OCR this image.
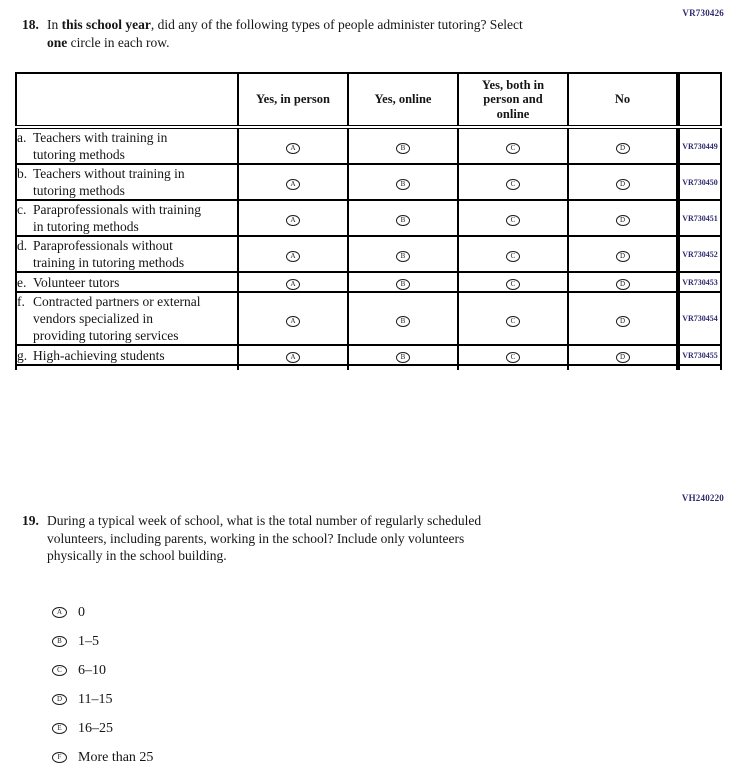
VR730426
18. In this school year, did any of the following types of people administer tutoring? Select
one circle in each row.
	Yes, in person	Yes, online	Yes, both in person and online	No	

a. Teachers with training in tutoring methods	A	B	C	D	VR730449

b. Teachers without training in tutoring methods	A	B	C	D	VR730450

c. Paraprofessionals with training in tutoring methods	A	B	C	D	VR730451

d. Paraprofessionals without training in tutoring methods	A	B	C	D	VR730452

e. Volunteer tutors	A	B	C	D	VR730453

f. Contracted partners or external vendors specialized in providing tutoring services	A	B	C	D	VR730454

g. High-achieving students	A	B	C	D	VR730455

VH240220
19. During a typical week of school, what is the total number of regularly scheduled
volunteers, including parents, working in the school? Include only volunteers
physically in the school building.
A 0
B 1–5
C 6–10
D 11–15
E 16–25
F More than 25
